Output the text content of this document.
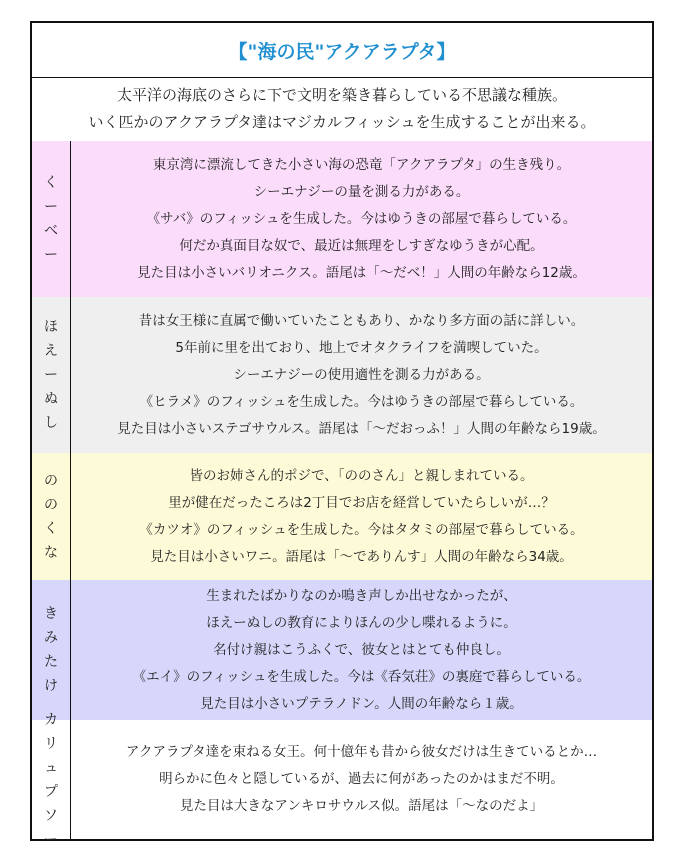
【"海の民"アクアラプタ】
太平洋の海底のさらに下で文明を築き暮らしている不思議な種族。
いく匹かのアクアラプタ達はマジカルフィッシュを生成することが出来る。
く
ー
ベ
ー
東京湾に漂流してきた小さい海の恐竜「アクアラプタ」の生き残り。
シーエナジーの量を測る力がある。
《サバ》のフィッシュを生成した。今はゆうきの部屋で暮らしている。
何だか真面目な奴で、最近は無理をしすぎなゆうきが心配。
見た目は小さいバリオニクス。語尾は「〜だベ！」人間の年齢なら12歳。
ほ
え
ー
ぬ
し
昔は女王様に直属で働いていたこともあり、かなり多方面の話に詳しい。
5年前に里を出ており、地上でオタクライフを満喫していた。
シーエナジーの使用適性を測る力がある。
《ヒラメ》のフィッシュを生成した。今はゆうきの部屋で暮らしている。
見た目は小さいステゴサウルス。語尾は「〜だおっふ！」人間の年齢なら19歳。
の
の
く
な
皆のお姉さん的ポジで、「ののさん」と親しまれている。
里が健在だったころは2丁目でお店を経営していたらしいが…？
《カツオ》のフィッシュを生成した。今はタタミの部屋で暮らしている。
見た目は小さいワニ。語尾は「〜でありんす」人間の年齢なら34歳。
き
み
た
け
生まれたばかりなのか鳴き声しか出せなかったが、
ほえーぬしの教育によりほんの少し喋れるように。
名付け親はこうふくで、彼女とはとても仲良し。
《エイ》のフィッシュを生成した。今は《呑気荘》の裏庭で暮らしている。
見た目は小さいプテラノドン。人間の年齢なら１歳。
カ
リ
ュ
プ
ソ
ー
アクアラプタ達を束ねる女王。何十億年も昔から彼女だけは生きているとか…
明らかに色々と隠しているが、過去に何があったのかはまだ不明。
見た目は大きなアンキロサウルス似。語尾は「〜なのだよ」
